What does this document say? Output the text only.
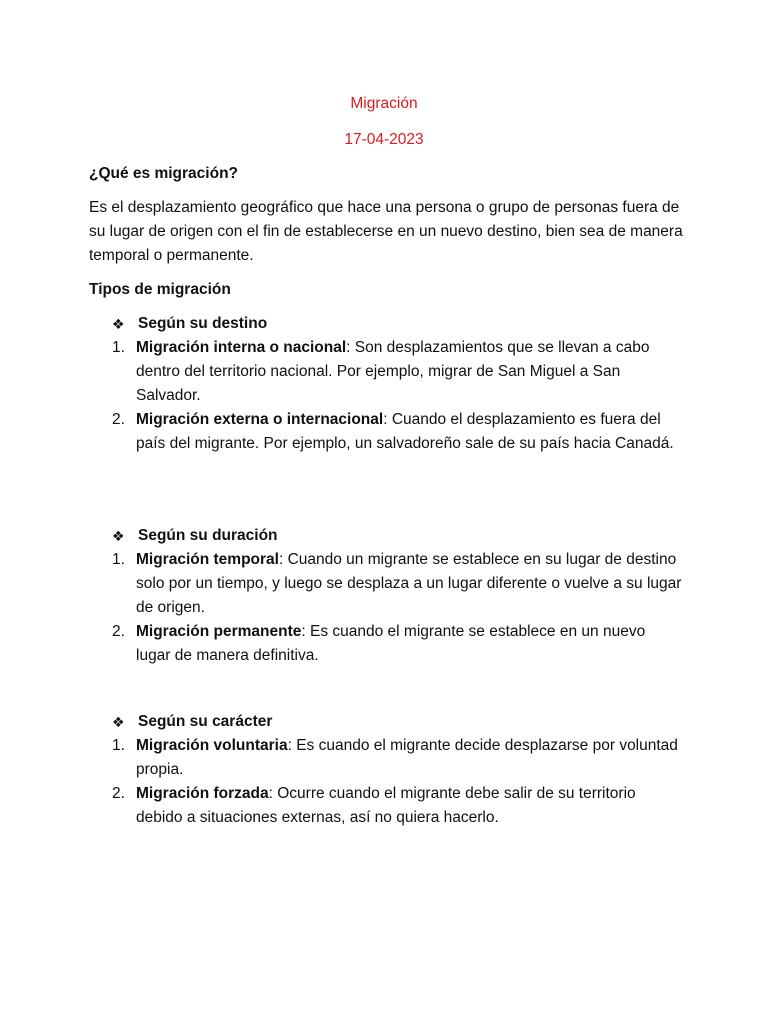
Migración
17-04-2023
¿Qué es migración?
Es el desplazamiento geográfico que hace una persona o grupo de personas fuera de su lugar de origen con el fin de establecerse en un nuevo destino, bien sea de manera temporal o permanente.
Tipos de migración
❖ Según su destino
1. Migración interna o nacional: Son desplazamientos que se llevan a cabo dentro del territorio nacional. Por ejemplo, migrar de San Miguel a San Salvador.
2. Migración externa o internacional: Cuando el desplazamiento es fuera del país del migrante. Por ejemplo, un salvadoreño sale de su país hacia Canadá.
❖ Según su duración
1. Migración temporal: Cuando un migrante se establece en su lugar de destino solo por un tiempo, y luego se desplaza a un lugar diferente o vuelve a su lugar de origen.
2. Migración permanente: Es cuando el migrante se establece en un nuevo lugar de manera definitiva.
❖ Según su carácter
1. Migración voluntaria: Es cuando el migrante decide desplazarse por voluntad propia.
2. Migración forzada: Ocurre cuando el migrante debe salir de su territorio debido a situaciones externas, así no quiera hacerlo.
